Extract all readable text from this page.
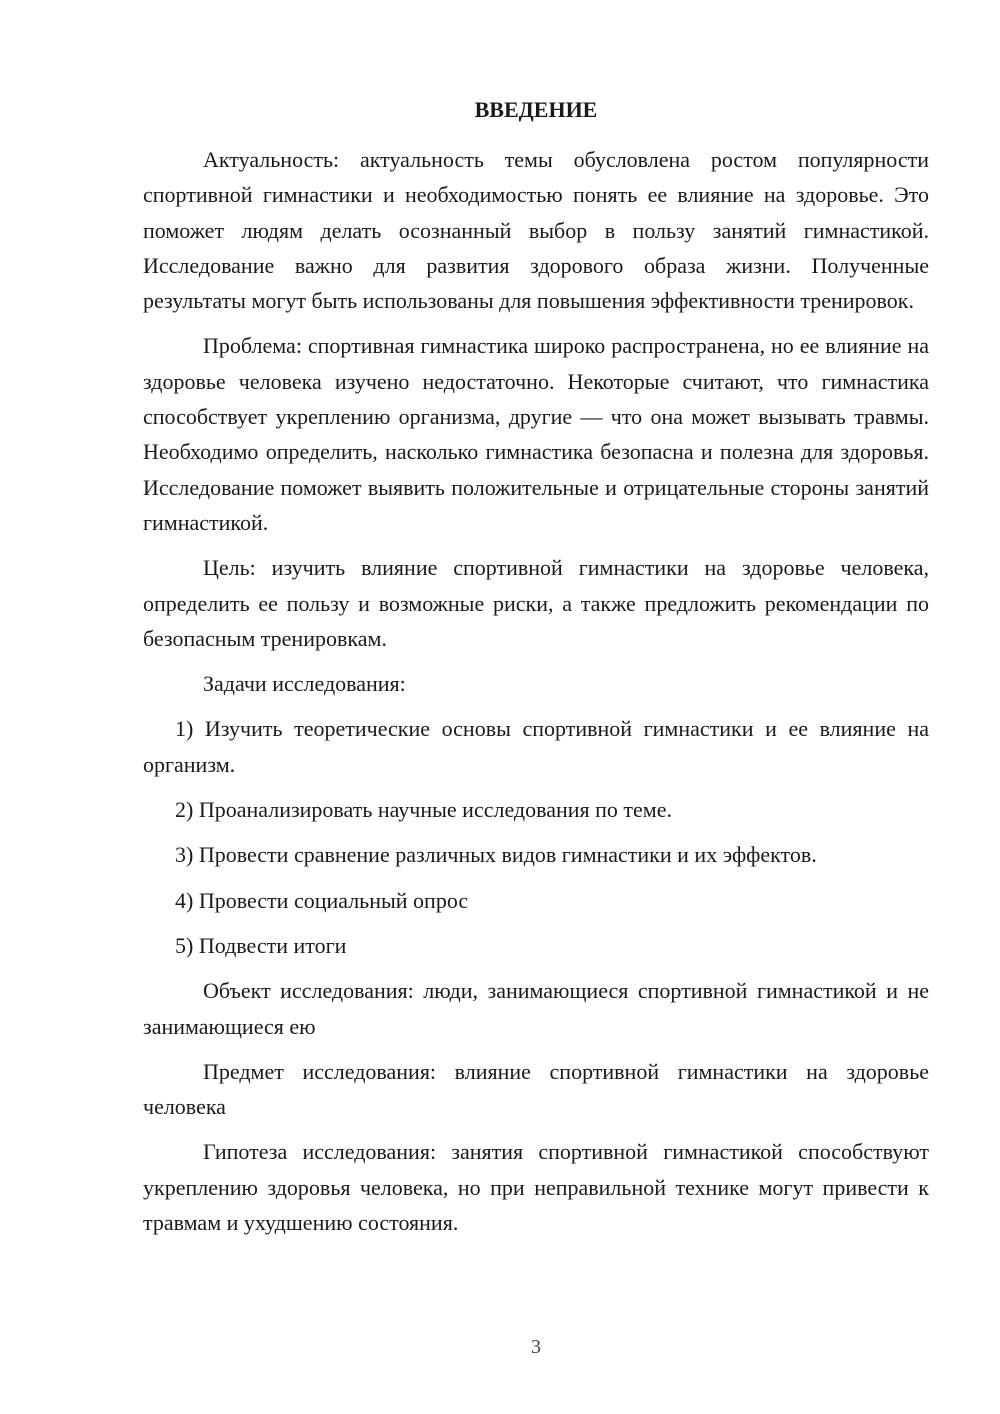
ВВЕДЕНИЕ

Актуальность: актуальность темы обусловлена ростом популярности спортивной гимнастики и необходимостью понять ее влияние на здоровье. Это поможет людям делать осознанный выбор в пользу занятий гимнастикой. Исследование важно для развития здорового образа жизни. Полученные результаты могут быть использованы для повышения эффективности тренировок.

Проблема: спортивная гимнастика широко распространена, но ее влияние на здоровье человека изучено недостаточно. Некоторые считают, что гимнастика способствует укреплению организма, другие — что она может вызывать травмы. Необходимо определить, насколько гимнастика безопасна и полезна для здоровья. Исследование поможет выявить положительные и отрицательные стороны занятий гимнастикой.

Цель: изучить влияние спортивной гимнастики на здоровье человека, определить ее пользу и возможные риски, а также предложить рекомендации по безопасным тренировкам.

Задачи исследования:

1) Изучить теоретические основы спортивной гимнастики и ее влияние на организм.

2) Проанализировать научные исследования по теме.

3) Провести сравнение различных видов гимнастики и их эффектов.

4) Провести социальный опрос

5) Подвести итоги

Объект исследования: люди, занимающиеся спортивной гимнастикой и не занимающиеся ею

Предмет исследования: влияние спортивной гимнастики на здоровье человека

Гипотеза исследования: занятия спортивной гимнастикой способствуют укреплению здоровья человека, но при неправильной технике могут привести к травмам и ухудшению состояния.

3
